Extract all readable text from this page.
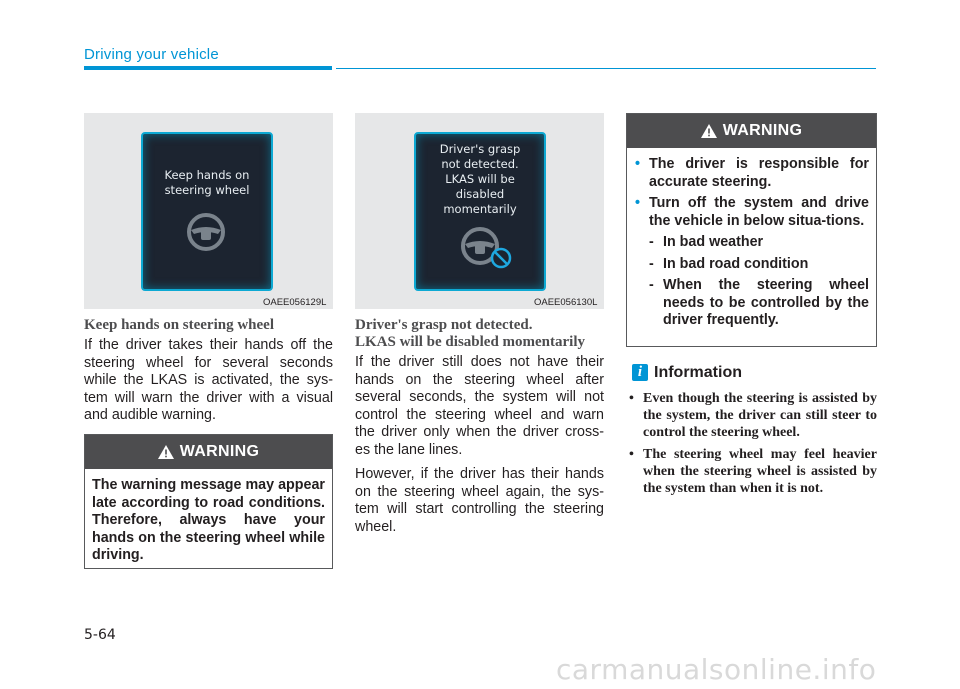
Driving your vehicle
Keep hands on
steering wheel
OAEE056129L
Driver's grasp
not detected.
LKAS will be
disabled
momentarily
OAEE056130L
Keep hands on steering wheel

If the driver takes their hands off the steering wheel for several seconds while the LKAS is activated, the sys-tem will warn the driver with a visual and audible warning.

WARNING
The warning message may appear late according to road conditions. Therefore, always have your hands on the steering wheel while driving.
Driver's grasp not detected.
LKAS will be disabled momentarily

If the driver still does not have their hands on the steering wheel after several seconds, the system will not control the steering wheel and warn the driver only when the driver cross-es the lane lines.

However, if the driver has their hands on the steering wheel again, the sys-tem will start controlling the steering wheel.

WARNING
• The driver is responsible for accurate steering.
• Turn off the system and drive the vehicle in below situa-tions.
- In bad weather
- In bad road condition
- When the steering wheel needs to be controlled by the driver frequently.
i Information
• Even though the steering is assisted by the system, the driver can still steer to control the steering wheel.
• The steering wheel may feel heavier when the steering wheel is assisted by the system than when it is not.
5-64
carmanualsonline.info
